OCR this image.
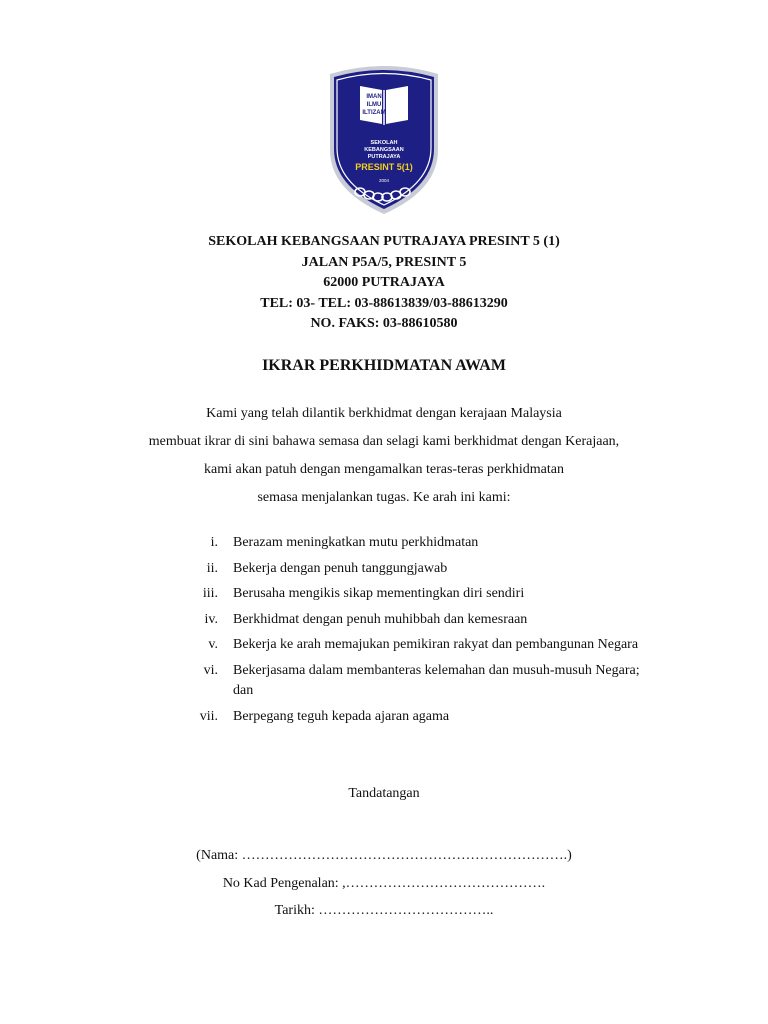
IMAN
ILMU
ILTIZAM
SEKOLAH
KEBANGSAAN
PUTRAJAYA
PRESINT 5(1)
2004
SEKOLAH KEBANGSAAN PUTRAJAYA PRESINT 5 (1)
JALAN P5A/5, PRESINT 5
62000 PUTRAJAYA
TEL: 03- TEL: 03-88613839/03-88613290
NO. FAKS: 03-88610580
IKRAR PERKHIDMATAN AWAM
Kami yang telah dilantik berkhidmat dengan kerajaan Malaysia
membuat ikrar di sini bahawa semasa dan selagi kami berkhidmat dengan Kerajaan,
kami akan patuh dengan mengamalkan teras-teras perkhidmatan
semasa menjalankan tugas. Ke arah ini kami:
i. Berazam meningkatkan mutu perkhidmatan
ii. Bekerja dengan penuh tanggungjawab
iii. Berusaha mengikis sikap mementingkan diri sendiri
iv. Berkhidmat dengan penuh muhibbah dan kemesraan
v. Bekerja ke arah memajukan pemikiran rakyat dan pembangunan Negara
vi. Bekerjasama dalam membanteras kelemahan dan musuh-musuh Negara; dan
vii. Berpegang teguh kepada ajaran agama
Tandatangan
(Nama: …………………………………………………………….)
No Kad Pengenalan: ,…………………………………….
Tarikh: ………………………………..
